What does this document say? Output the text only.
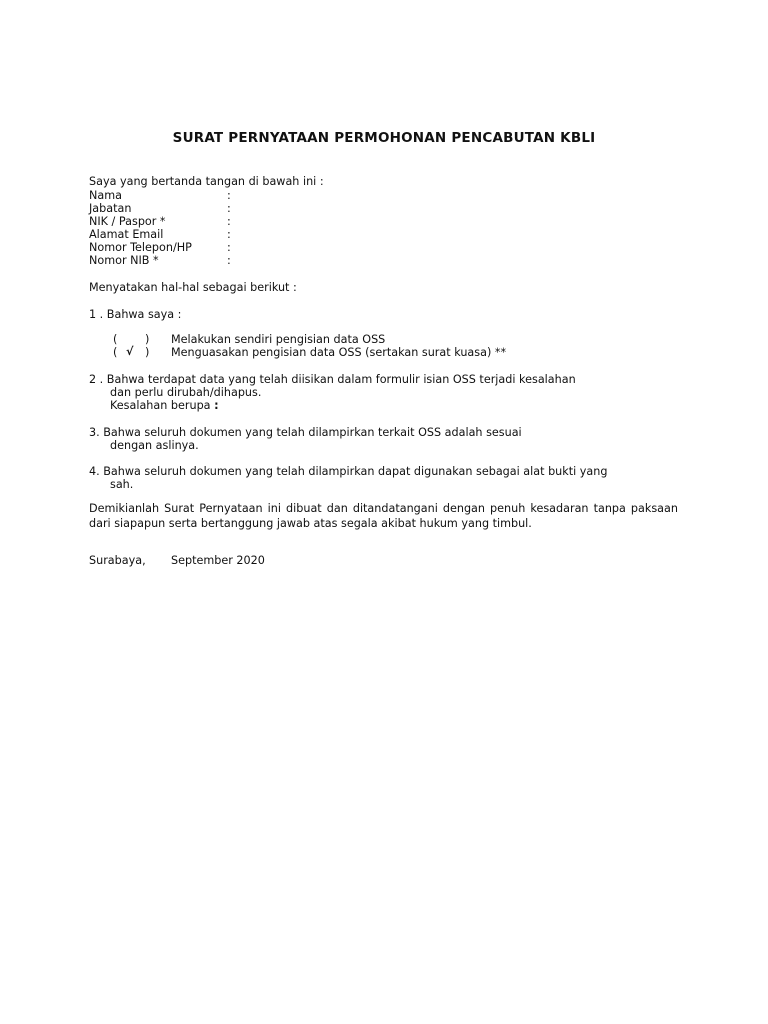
SURAT PERNYATAAN PERMOHONAN PENCABUTAN KBLI
Saya yang bertanda tangan di bawah ini :
Nama	:
Jabatan	:
NIK / Paspor *	:
Alamat Email	:
Nomor Telepon/HP	:
Nomor NIB *	:
Menyatakan hal-hal sebagai berikut :
1 . Bahwa saya :
( ) Melakukan sendiri pengisian data OSS
( √ ) Menguasakan pengisian data OSS (sertakan surat kuasa) **
2 . Bahwa terdapat data yang telah diisikan dalam formulir isian OSS terjadi kesalahan
dan perlu dirubah/dihapus.
Kesalahan berupa :
3. Bahwa seluruh dokumen yang telah dilampirkan terkait OSS adalah sesuai
dengan aslinya.
4. Bahwa seluruh dokumen yang telah dilampirkan dapat digunakan sebagai alat bukti yang
sah.
Demikianlah Surat Pernyataan ini dibuat dan ditandatangani dengan penuh kesadaran tanpa paksaan dari siapapun serta bertanggung jawab atas segala akibat hukum yang timbul.
Surabaya, September 2020
